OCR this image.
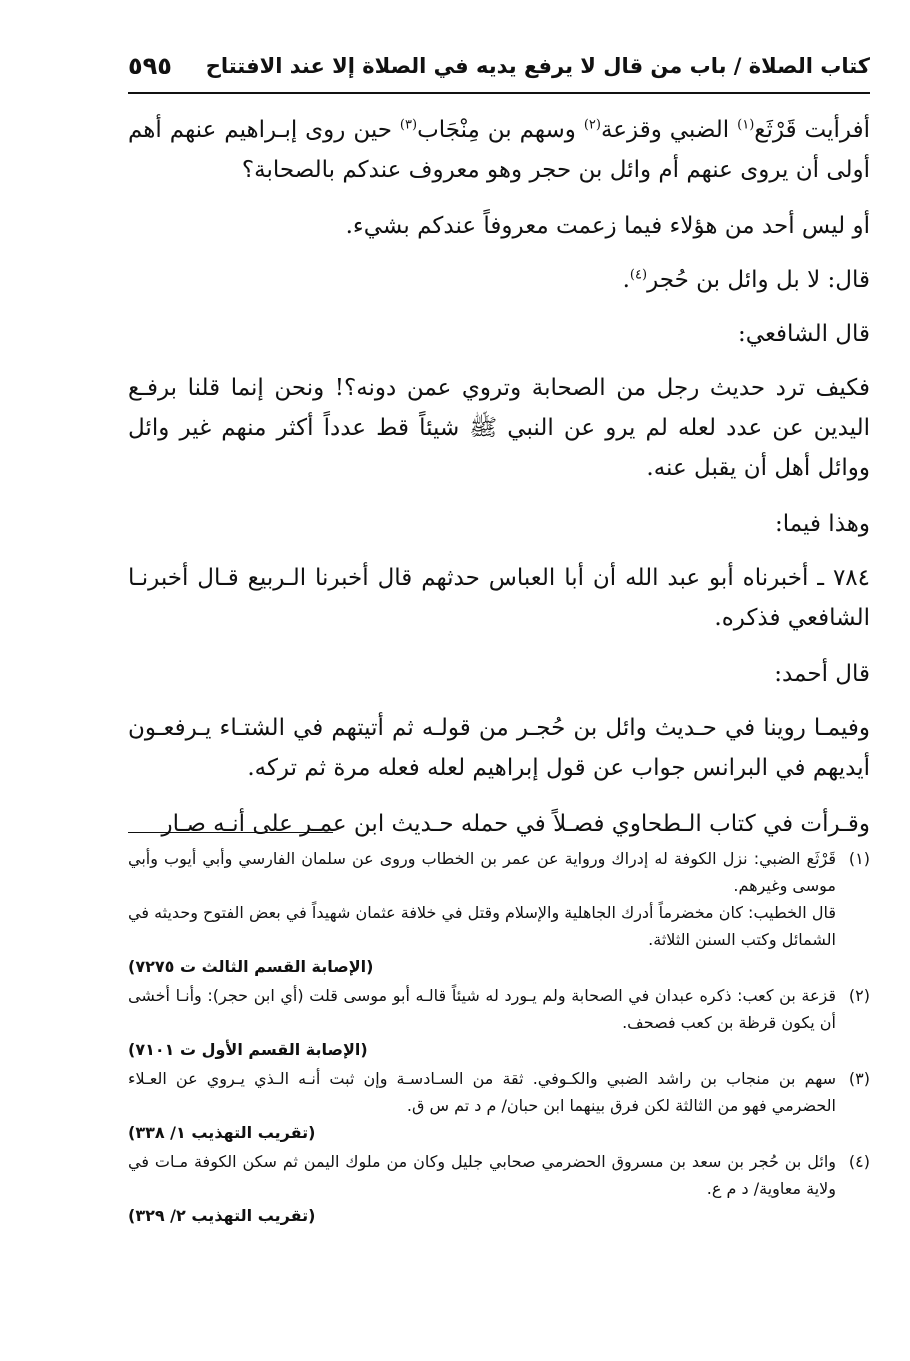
كتاب الصلاة / باب من قال لا يرفع يديه في الصلاة إلا عند الافتتاح
٥٩٥

أفرأيت قَرْثَع$^{(١)}$ الضبي وقزعة$^{(٢)}$ وسهم بن مِنْجَاب$^{(٣)}$ حين روى إبـراهيم عنهم أهم أولى أن يروى عنهم أم وائل بن حجر وهو معروف عندكم بالصحابة؟

أو ليس أحد من هؤلاء فيما زعمت معروفاً عندكم بشيء.

قال: لا بل وائل بن حُجر$^{(٤)}$.

قال الشافعي:

فكيف ترد حديث رجل من الصحابة وتروي عمن دونه؟! ونحن إنما قلنا برفـع اليدين عن عدد لعله لم يرو عن النبي ﷺ شيئاً قط عدداً أكثر منهم غير وائل ووائل أهل أن يقبل عنه.

وهذا فيما:

٧٨٤ ـ أخبرناه أبو عبد الله أن أبا العباس حدثهم قال أخبرنا الـربيع قـال أخبرنـا الشافعي فذكره.

قال أحمد:

وفيمـا روينا في حـديث وائل بن حُجـر من قولـه ثم أتيتهم في الشتـاء يـرفعـون أيديهم في البرانس جواب عن قول إبراهيم لعله فعله مرة ثم تركه.

وقـرأت في كتاب الـطحاوي فصـلاً في حمله حـديث ابن عمـر على أنـه صـار

(١)
قَرْثَع الضبي: نزل الكوفة له إدراك ورواية عن عمر بن الخطاب وروى عن سلمان الفارسي وأبي أيوب وأبي موسى وغيرهم.
قال الخطيب: كان مخضرماً أدرك الجاهلية والإسلام وقتل في خلافة عثمان شهيداً في بعض الفتوح وحديثه في الشمائل وكتب السنن الثلاثة.
(الإصابة القسم الثالث ت ٧٢٧٥)
(٢)
قزعة بن كعب: ذكره عبدان في الصحابة ولم يـورد له شيئاً قالـه أبو موسى قلت (أي ابن حجر): وأنـا أخشى أن يكون قرظة بن كعب فصحف.
(الإصابة القسم الأول ت ٧١٠١)
(٣)
سهم بن منجاب بن راشد الضبي والكـوفي. ثقة من السـادسـة وإن ثبت أنـه الـذي يـروي عن العـلاء الحضرمي فهو من الثالثة لكن فرق بينهما ابن حبان/ م د تم س ق.
(تقريب التهذيب ١/ ٣٣٨)
(٤)
وائل بن حُجر بن سعد بن مسروق الحضرمي صحابي جليل وكان من ملوك اليمن ثم سكن الكوفة مـات في ولاية معاوية/ د م ع.
(تقريب التهذيب ٢/ ٣٢٩)
